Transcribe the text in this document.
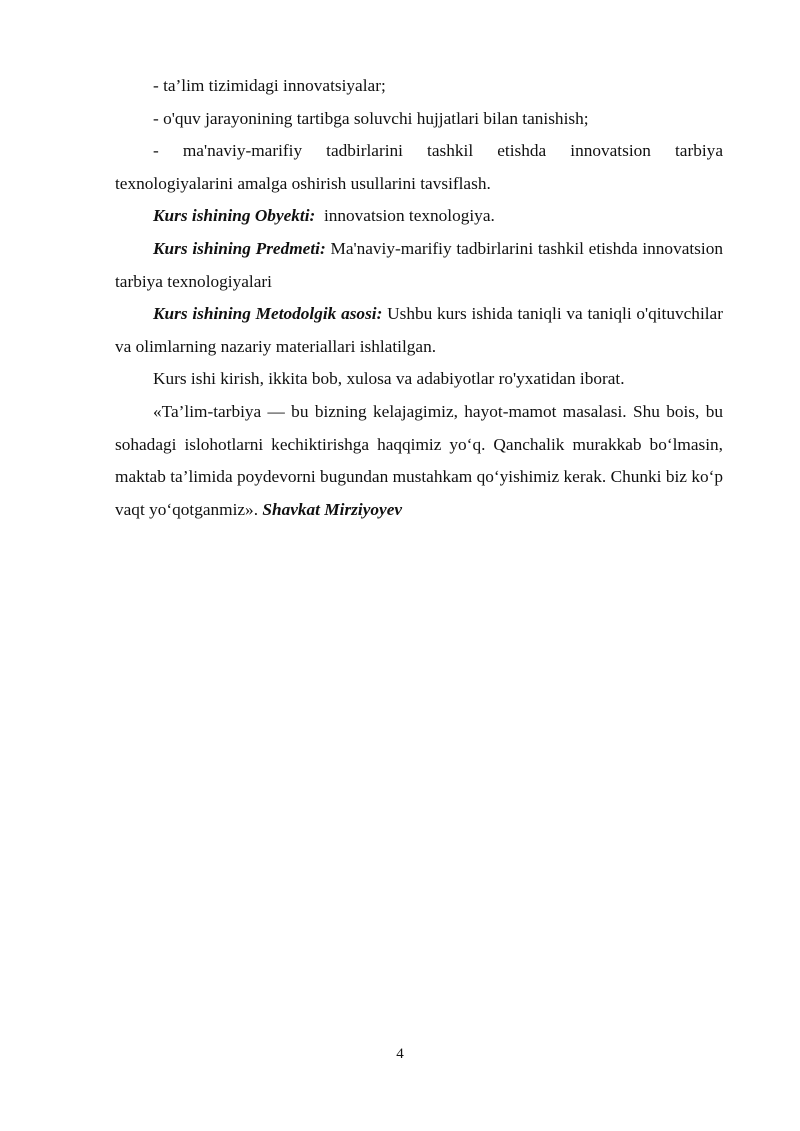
- ta’lim tizimidagi innovatsiyalar;

- o'quv jarayonining tartibga soluvchi hujjatlari bilan tanishish;

- ma'naviy-marifiy tadbirlarini tashkil etishda innovatsion tarbiya texnologiyalarini amalga oshirish usullarini tavsiflash.

Kurs ishining Obyekti: innovatsion texnologiya.

Kurs ishining Predmeti: Ma'naviy-marifiy tadbirlarini tashkil etishda innovatsion tarbiya texnologiyalari

Kurs ishining Metodolgik asosi: Ushbu kurs ishida taniqli va taniqli o'qituvchilar va olimlarning nazariy materiallari ishlatilgan.

Kurs ishi kirish, ikkita bob, xulosa va adabiyotlar ro'yxatidan iborat.

«Ta’lim-tarbiya — bu bizning kelajagimiz, hayot-mamot masalasi. Shu bois, bu sohadagi islohotlarni kechiktirishga haqqimiz yo‘q. Qanchalik murakkab bo‘lmasin, maktab ta’limida poydevorni bugundan mustahkam qo‘yishimiz kerak. Chunki biz ko‘p vaqt yo‘qotganmiz». Shavkat Mirziyoyev

4
